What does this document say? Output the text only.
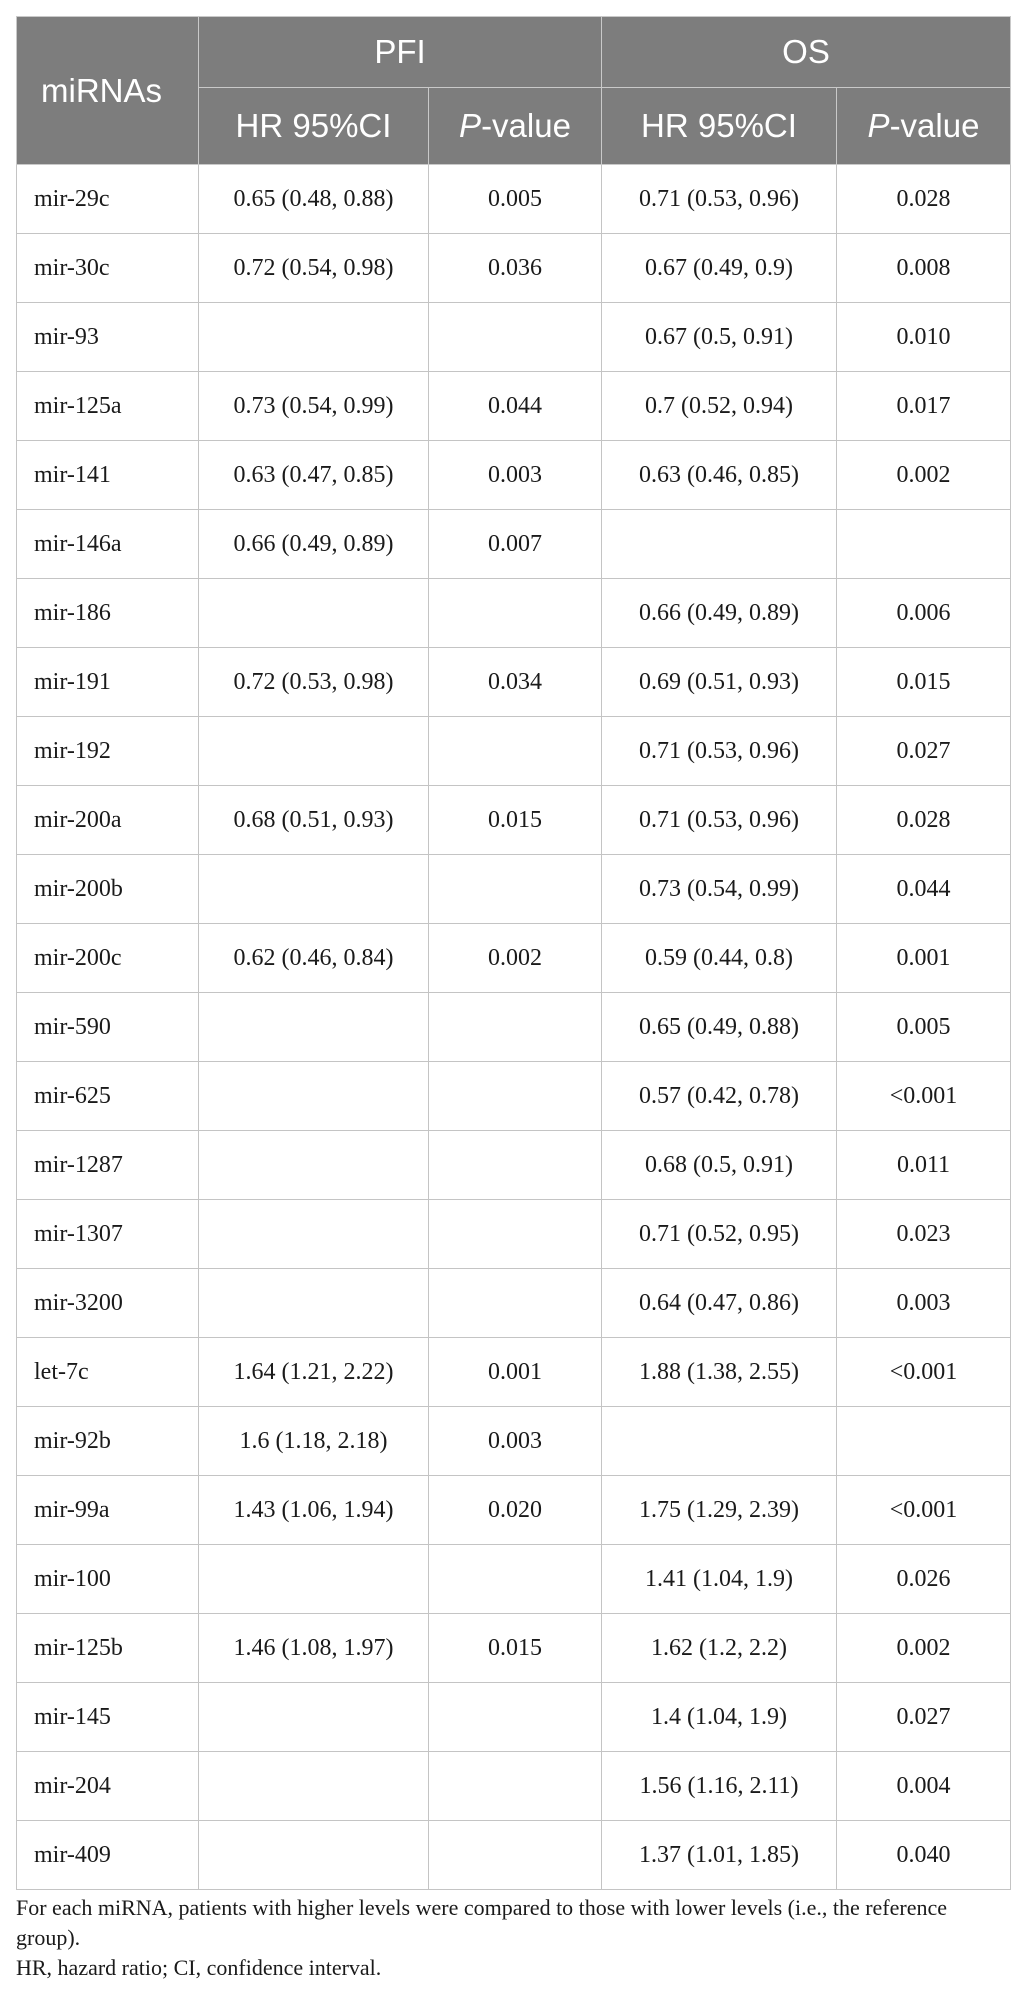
miRNAs	PFI		OS	
	HR 95%CI	P-value	HR 95%CI	P-value
mir-29c	0.65 (0.48, 0.88)	0.005	0.71 (0.53, 0.96)	0.028
mir-30c	0.72 (0.54, 0.98)	0.036	0.67 (0.49, 0.9)	0.008
mir-93			0.67 (0.5, 0.91)	0.010
mir-125a	0.73 (0.54, 0.99)	0.044	0.7 (0.52, 0.94)	0.017
mir-141	0.63 (0.47, 0.85)	0.003	0.63 (0.46, 0.85)	0.002
mir-146a	0.66 (0.49, 0.89)	0.007		
mir-186			0.66 (0.49, 0.89)	0.006
mir-191	0.72 (0.53, 0.98)	0.034	0.69 (0.51, 0.93)	0.015
mir-192			0.71 (0.53, 0.96)	0.027
mir-200a	0.68 (0.51, 0.93)	0.015	0.71 (0.53, 0.96)	0.028
mir-200b			0.73 (0.54, 0.99)	0.044
mir-200c	0.62 (0.46, 0.84)	0.002	0.59 (0.44, 0.8)	0.001
mir-590			0.65 (0.49, 0.88)	0.005
mir-625			0.57 (0.42, 0.78)	<0.001
mir-1287			0.68 (0.5, 0.91)	0.011
mir-1307			0.71 (0.52, 0.95)	0.023
mir-3200			0.64 (0.47, 0.86)	0.003
let-7c	1.64 (1.21, 2.22)	0.001	1.88 (1.38, 2.55)	<0.001
mir-92b	1.6 (1.18, 2.18)	0.003		
mir-99a	1.43 (1.06, 1.94)	0.020	1.75 (1.29, 2.39)	<0.001
mir-100			1.41 (1.04, 1.9)	0.026
mir-125b	1.46 (1.08, 1.97)	0.015	1.62 (1.2, 2.2)	0.002
mir-145			1.4 (1.04, 1.9)	0.027
mir-204			1.56 (1.16, 2.11)	0.004
mir-409			1.37 (1.01, 1.85)	0.040

For each miRNA, patients with higher levels were compared to those with lower levels (i.e., the reference group).

HR, hazard ratio; CI, confidence interval.
